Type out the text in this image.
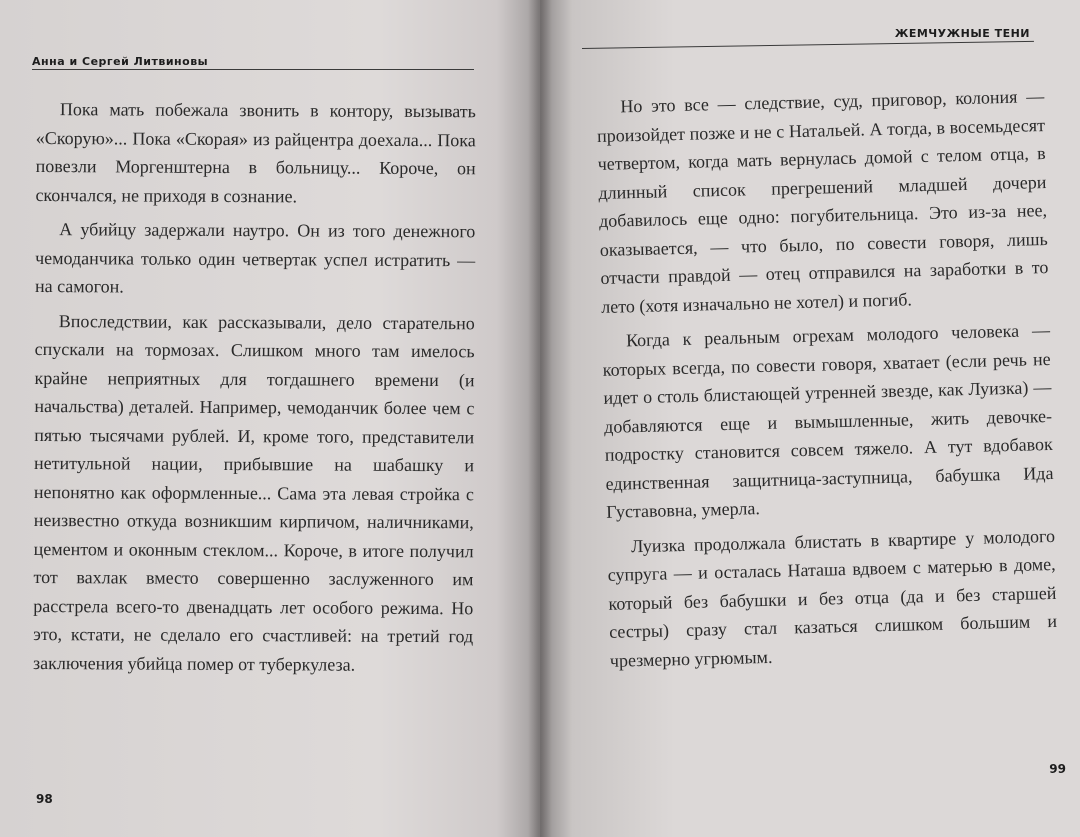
Анна и Сергей Литвиновы

Пока мать побежала звонить в контору, вызывать «Скорую»... Пока «Скорая» из райцентра доехала... Пока повезли Моргенштерна в больницу... Короче, он скончался, не приходя в сознание.

А убийцу задержали наутро. Он из того денежного чемоданчика только один четвертак успел истратить — на самогон.

Впоследствии, как рассказывали, дело старательно спускали на тормозах. Слишком много там имелось крайне неприятных для тогдашнего времени (и начальства) деталей. Например, чемоданчик более чем с пятью тысячами рублей. И, кроме того, представители нетитульной нации, прибывшие на шабашку и непонятно как оформленные... Сама эта левая стройка с неизвестно откуда возникшим кирпичом, наличниками, цементом и оконным стеклом... Короче, в итоге получил тот вахлак вместо совершенно заслуженного им расстрела всего-то двенадцать лет особого режима. Но это, кстати, не сделало его счастливей: на третий год заключения убийца помер от туберкулеза.

98
ЖЕМЧУЖНЫЕ ТЕНИ

Но это все — следствие, суд, приговор, колония — произойдет позже и не с Натальей. А тогда, в восемьдесят четвертом, когда мать вернулась домой с телом отца, в длинный список прегрешений младшей дочери добавилось еще одно: погубительница. Это из-за нее, оказывается, — что было, по совести говоря, лишь отчасти правдой — отец отправился на заработки в то лето (хотя изначально не хотел) и погиб.

Когда к реальным огрехам молодого человека — которых всегда, по совести говоря, хватает (если речь не идет о столь блистающей утренней звезде, как Луизка) — добавляются еще и вымышленные, жить девочке-подростку становится совсем тяжело. А тут вдобавок единственная защитница-заступница, бабушка Ида Густавовна, умерла.

Луизка продолжала блистать в квартире у молодого супруга — и осталась Наташа вдвоем с матерью в доме, который без бабушки и без отца (да и без старшей сестры) сразу стал казаться слишком большим и чрезмерно угрюмым.

99
